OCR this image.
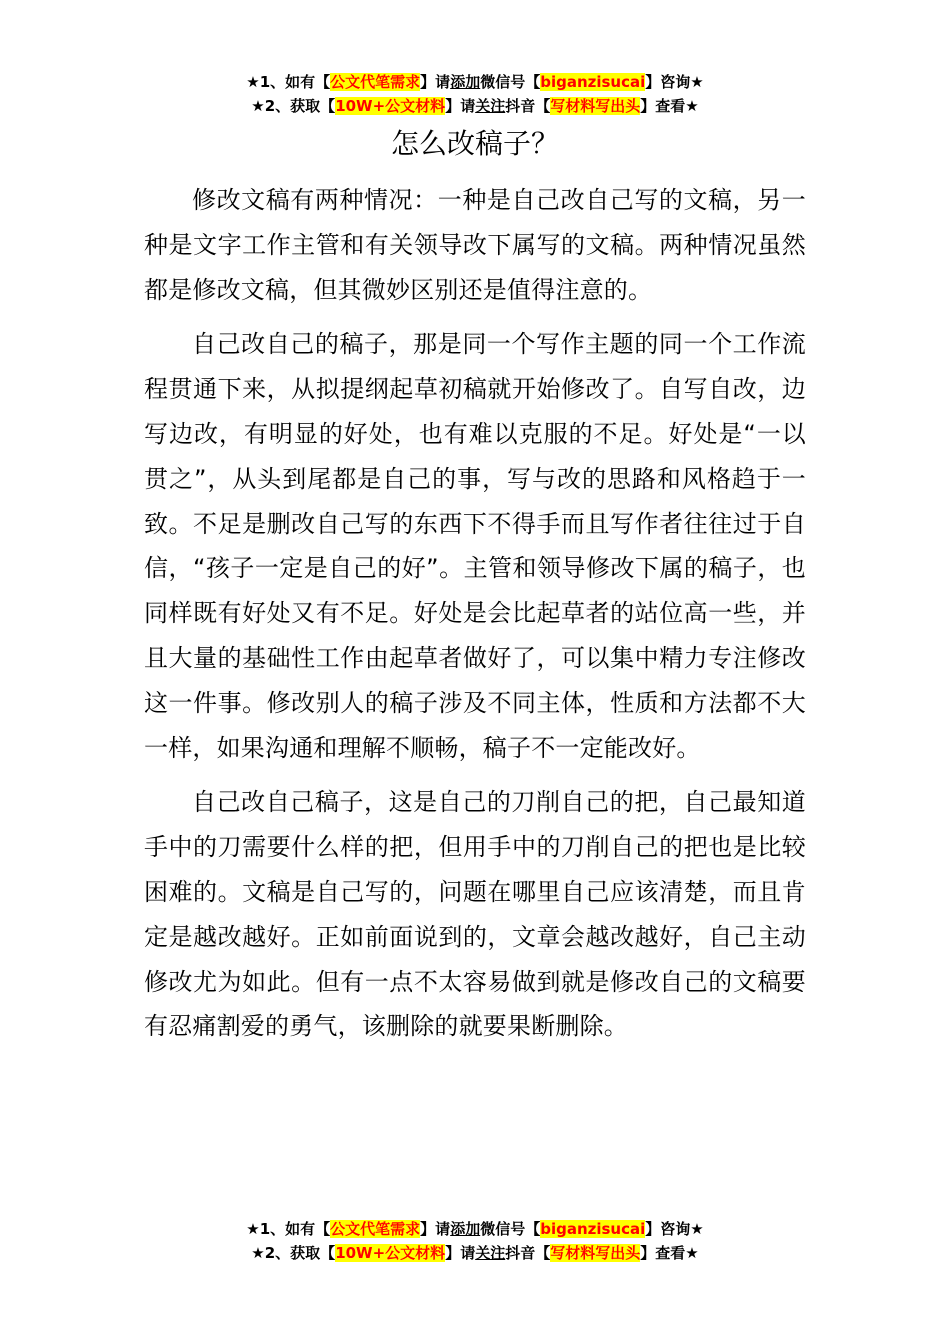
★1、如有【公文代笔需求】请添加微信号【biganzisucai】咨询★
★2、获取【10W+公文材料】请关注抖音【写材料写出头】查看★
怎么改稿子？

修改文稿有两种情况：一种是自己改自己写的文稿，另一种是文字工作主管和有关领导改下属写的文稿。两种情况虽然都是修改文稿，但其微妙区别还是值得注意的。

自己改自己的稿子，那是同一个写作主题的同一个工作流程贯通下来，从拟提纲起草初稿就开始修改了。自写自改，边写边改，有明显的好处，也有难以克服的不足。好处是“一以贯之”，从头到尾都是自己的事，写与改的思路和风格趋于一致。不足是删改自己写的东西下不得手而且写作者往往过于自信，“孩子一定是自己的好”。主管和领导修改下属的稿子，也同样既有好处又有不足。好处是会比起草者的站位高一些，并且大量的基础性工作由起草者做好了，可以集中精力专注修改这一件事。修改别人的稿子涉及不同主体，性质和方法都不大一样，如果沟通和理解不顺畅，稿子不一定能改好。

自己改自己稿子，这是自己的刀削自己的把，自己最知道手中的刀需要什么样的把，但用手中的刀削自己的把也是比较困难的。文稿是自己写的，问题在哪里自己应该清楚，而且肯定是越改越好。正如前面说到的，文章会越改越好，自己主动修改尤为如此。但有一点不太容易做到就是修改自己的文稿要有忍痛割爱的勇气，该删除的就要果断删除。

★1、如有【公文代笔需求】请添加微信号【biganzisucai】咨询★
★2、获取【10W+公文材料】请关注抖音【写材料写出头】查看★
